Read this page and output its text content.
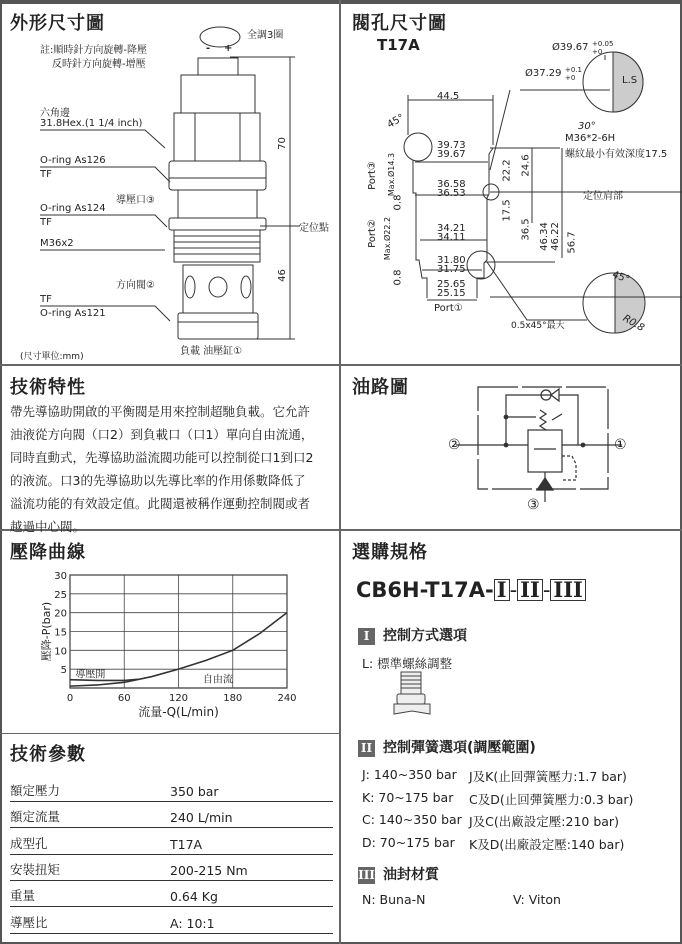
外形尺寸圖
全調3圈
- +
註:順時針方向旋轉-降壓
反時針方向旋轉-增壓
六角邊
31.8Hex.(1 1/4 inch)
O-ring As126
TF
導壓口③
O-ring As124
TF
M36x2
方向閥②
TF
O-ring As121
負載 油壓缸①
(尺寸單位:mm)
70
46
定位點
閥孔尺寸圖
T17A	Ø39.67 +0.05
+0
Ø37.29 +0.1
+0	L.S
30°
44.5
45°
39.73
39.67
M36*2-6H
螺紋最小有效深度17.5
Port③ Max.Ø14.3	36.58
36.53	定位肩部
0.8
22.2 24.6
17.5
34.21
34.11	36.5 46.34 46.22 56.7
Port② Max.Ø22.2
31.80
31.75
0.8	25.65
25.15
Port①
0.5x45°最大
45°
R0.8
技術特性
帶先導協助開啟的平衡閥是用來控制超馳負載。它允許
油液從方向閥（口2）到負載口（口1）單向自由流通，
同時直動式，先導協助溢流閥功能可以控制從口1到口2
的液流。口3的先導協助以先導比率的作用係數降低了
溢流功能的有效設定值。此閥還被稱作運動控制閥或者
越過中心閥。
油路圖
②	①
③
壓降曲線
0	60	120	180	240
5
10
15
20
25
30
導壓開	自由流
流量-Q(L/min)
壓降-P(bar)
技術參數
額定壓力	350 bar
額定流量	240 L/min
成型孔	T17A
安裝扭矩	200-215 Nm
重量	0.64 Kg
導壓比	A: 10:1
選購規格
CB6H-T17A- I - II - III
I 控制方式選項
L: 標準螺絲調整
II 控制彈簧選項(調壓範圍)
J: 140~350 bar J及K(止回彈簧壓力:1.7 bar)
K: 70~175 bar C及D(止回彈簧壓力:0.3 bar)
C: 140~350 bar J及C(出廠設定壓:210 bar)
D: 70~175 bar K及D(出廠設定壓:140 bar)
III 油封材質
N: Buna-N	V: Viton
